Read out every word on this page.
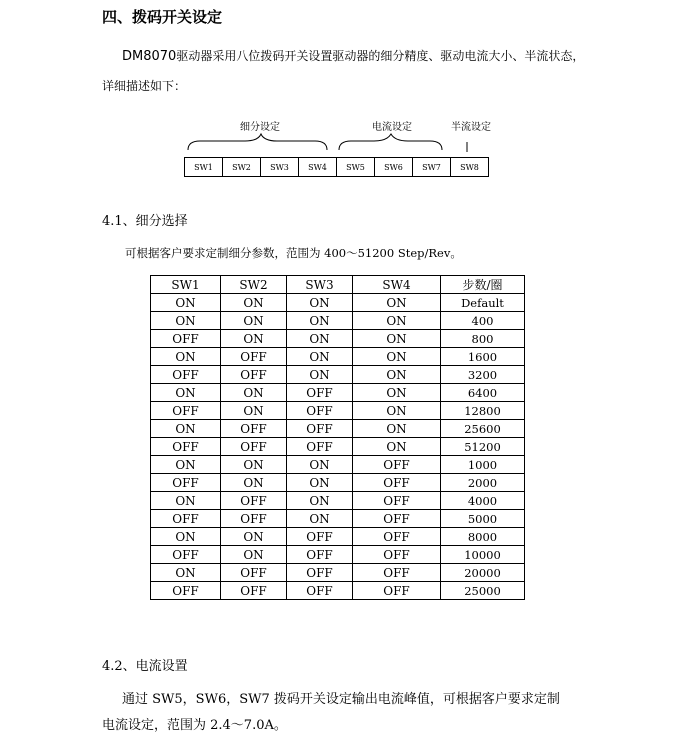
四、拨码开关设定
DM8070驱动器采用八位拨码开关设置驱动器的细分精度、驱动电流大小、半流状态，
详细描述如下：
细分设定	电流设定	半流设定
SW1	SW2	SW3	SW4	SW5	SW6	SW7	SW8
4.1、细分选择
可根据客户要求定制细分参数，范围为 400～51200 Step/Rev。
SW1	SW2	SW3	SW4	步数/圈
ON	ON	ON	ON	Default
ON	ON	ON	ON	400
OFF	ON	ON	ON	800
ON	OFF	ON	ON	1600
OFF	OFF	ON	ON	3200
ON	ON	OFF	ON	6400
OFF	ON	OFF	ON	12800
ON	OFF	OFF	ON	25600
OFF	OFF	OFF	ON	51200
ON	ON	ON	OFF	1000
OFF	ON	ON	OFF	2000
ON	OFF	ON	OFF	4000
OFF	OFF	ON	OFF	5000
ON	ON	OFF	OFF	8000
OFF	ON	OFF	OFF	10000
ON	OFF	OFF	OFF	20000
OFF	OFF	OFF	OFF	25000
4.2、电流设置
通过 SW5，SW6，SW7 拨码开关设定输出电流峰值，可根据客户要求定制
电流设定，范围为 2.4～7.0A。
